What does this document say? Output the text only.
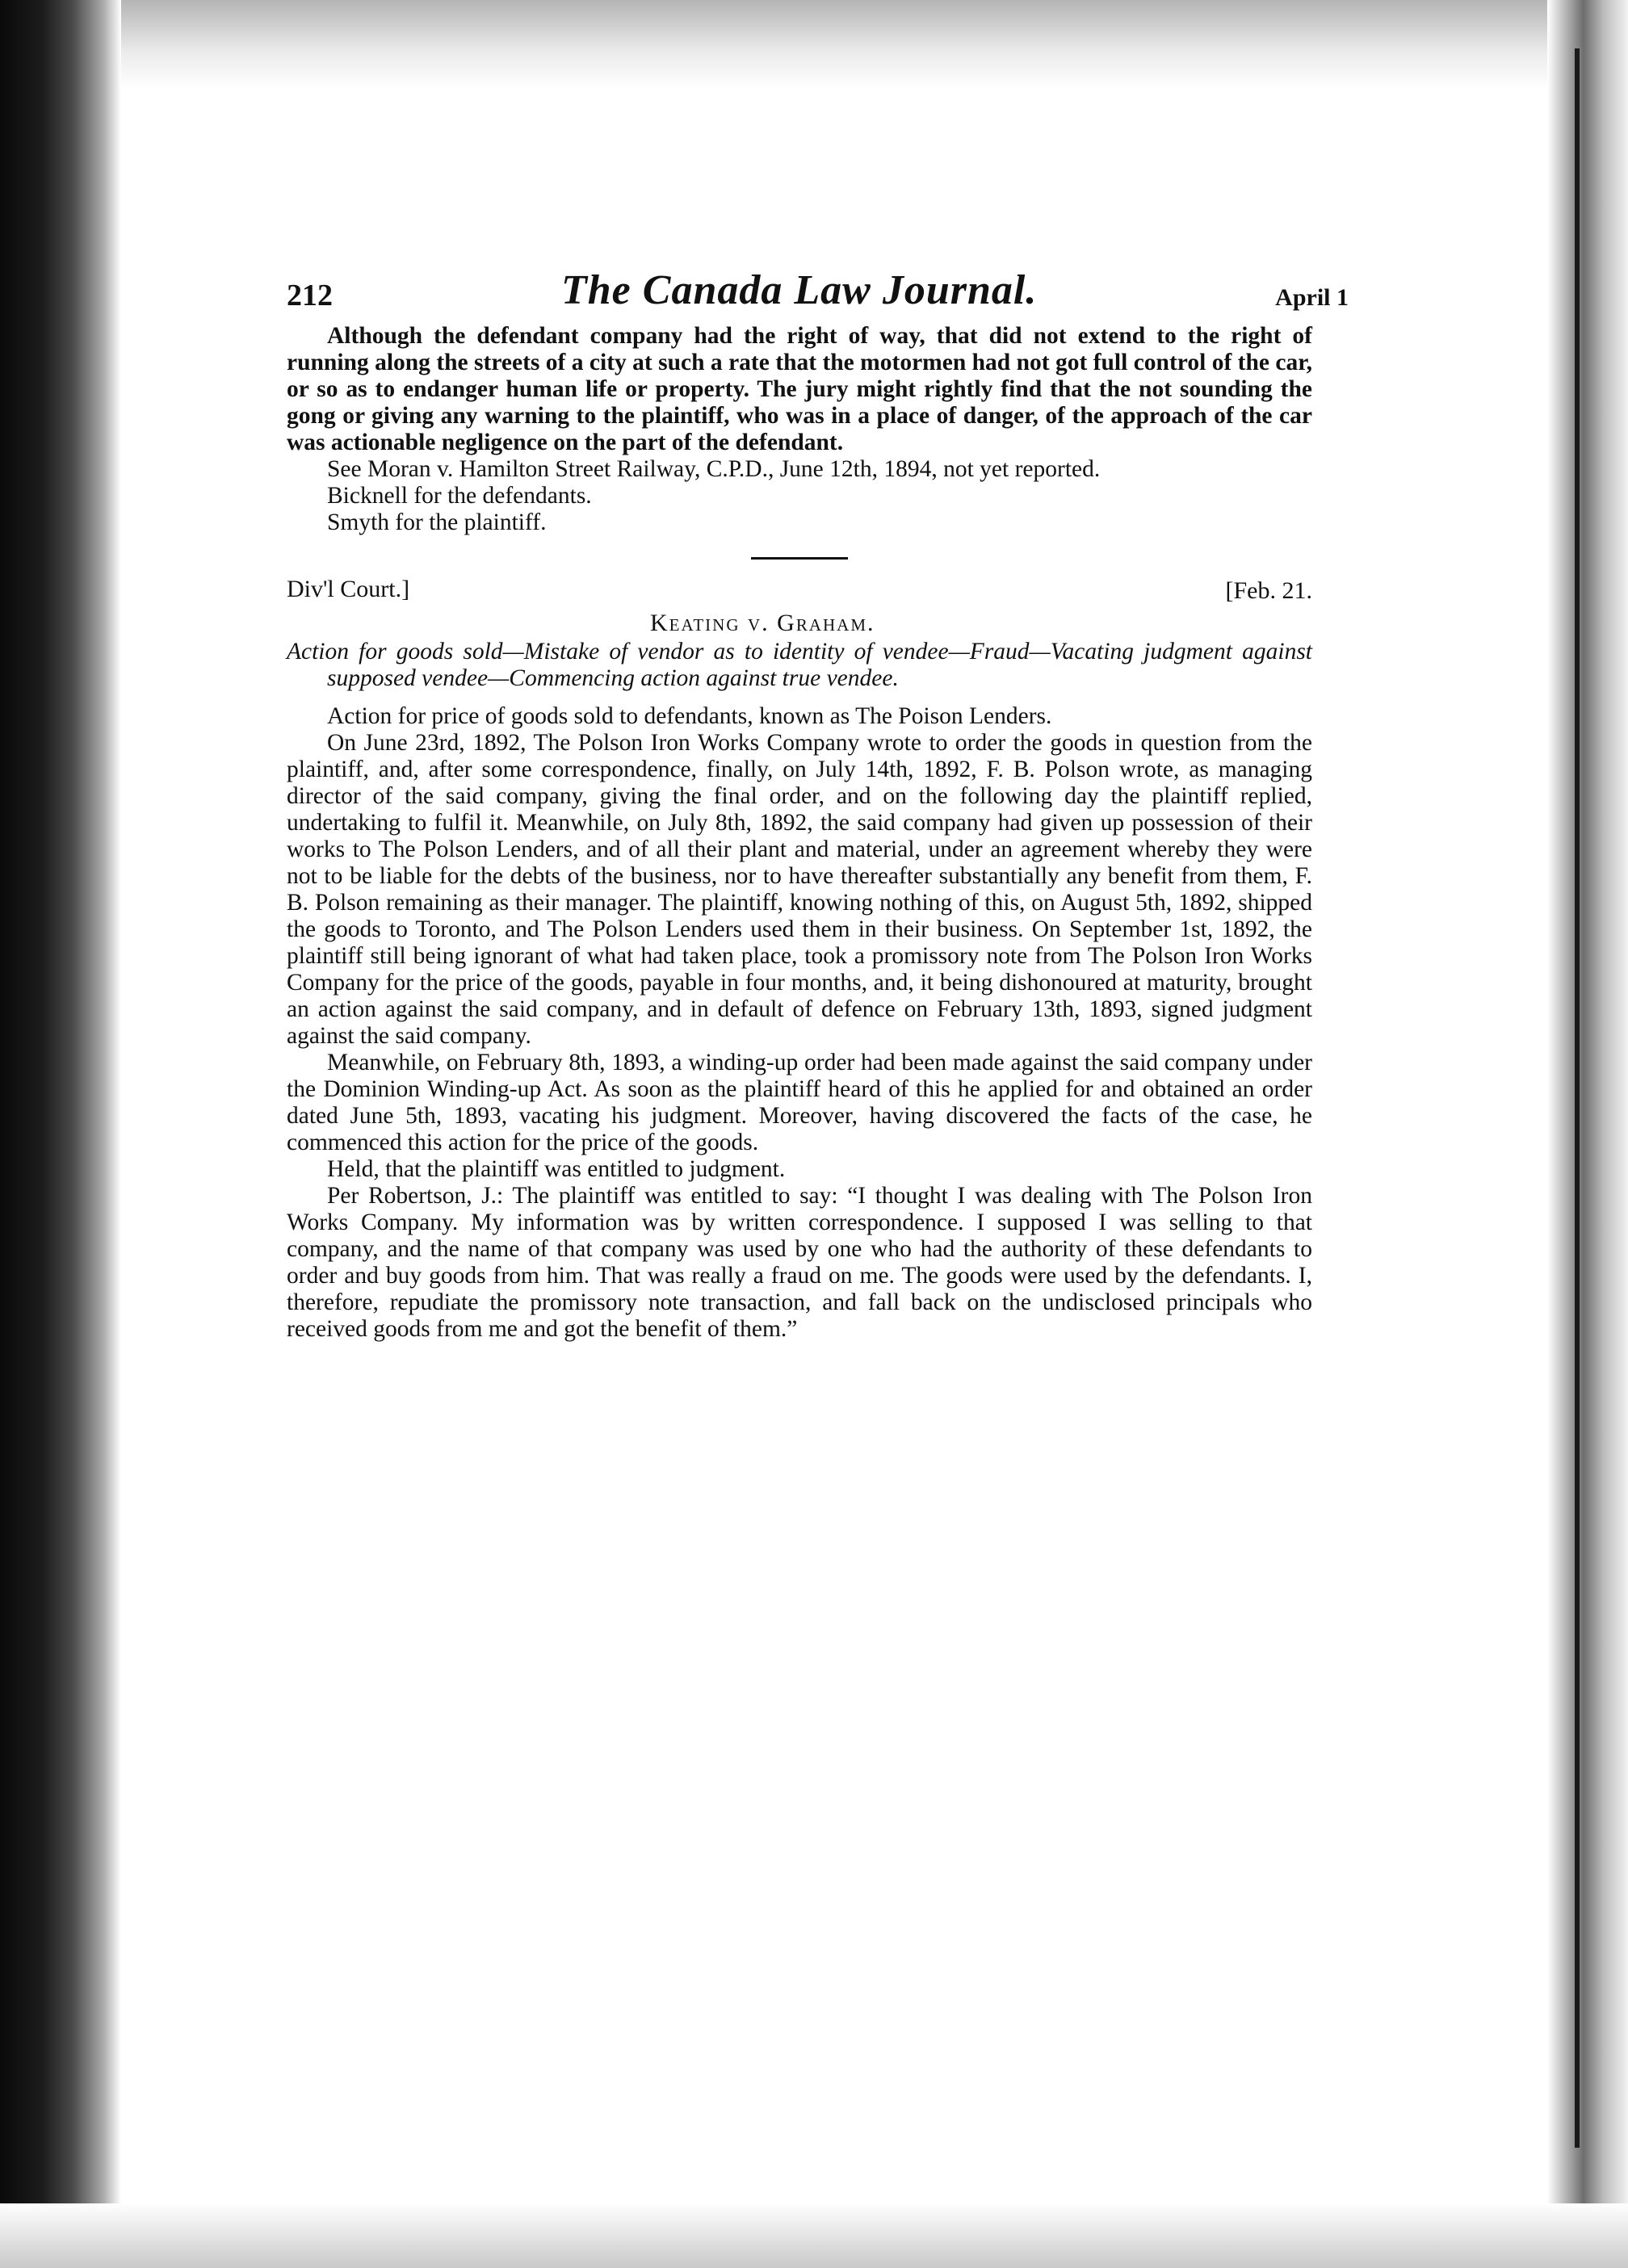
212	The Canada Law Journal.	April 1

Although the defendant company had the right of way, that did not extend to the right of running along the streets of a city at such a rate that the motormen had not got full control of the car, or so as to endanger human life or property. The jury might rightly find that the not sounding the gong or giving any warning to the plaintiff, who was in a place of danger, of the approach of the car was actionable negligence on the part of the defendant.

See Moran v. Hamilton Street Railway, C.P.D., June 12th, 1894, not yet reported.

Bicknell for the defendants.

Smyth for the plaintiff.

Div'l Court.]
Keating v. Graham.
[Feb. 21.

Action for goods sold—Mistake of vendor as to identity of vendee—Fraud—Vacating judgment against supposed vendee—Commencing action against true vendee.

Action for price of goods sold to defendants, known as The Poison Lenders.

On June 23rd, 1892, The Polson Iron Works Company wrote to order the goods in question from the plaintiff, and, after some correspondence, finally, on July 14th, 1892, F. B. Polson wrote, as managing director of the said company, giving the final order, and on the following day the plaintiff replied, undertaking to fulfil it. Meanwhile, on July 8th, 1892, the said company had given up possession of their works to The Polson Lenders, and of all their plant and material, under an agreement whereby they were not to be liable for the debts of the business, nor to have thereafter substantially any benefit from them, F. B. Polson remaining as their manager. The plaintiff, knowing nothing of this, on August 5th, 1892, shipped the goods to Toronto, and The Polson Lenders used them in their business. On September 1st, 1892, the plaintiff still being ignorant of what had taken place, took a promissory note from The Polson Iron Works Company for the price of the goods, payable in four months, and, it being dishonoured at maturity, brought an action against the said company, and in default of defence on February 13th, 1893, signed judgment against the said company.

Meanwhile, on February 8th, 1893, a winding-up order had been made against the said company under the Dominion Winding-up Act. As soon as the plaintiff heard of this he applied for and obtained an order dated June 5th, 1893, vacating his judgment. Moreover, having discovered the facts of the case, he commenced this action for the price of the goods.

Held, that the plaintiff was entitled to judgment.

Per Robertson, J.: The plaintiff was entitled to say: “I thought I was dealing with The Polson Iron Works Company. My information was by written correspondence. I supposed I was selling to that company, and the name of that company was used by one who had the authority of these defendants to order and buy goods from him. That was really a fraud on me. The goods were used by the defendants. I, therefore, repudiate the promissory note transaction, and fall back on the undisclosed principals who received goods from me and got the benefit of them.”
